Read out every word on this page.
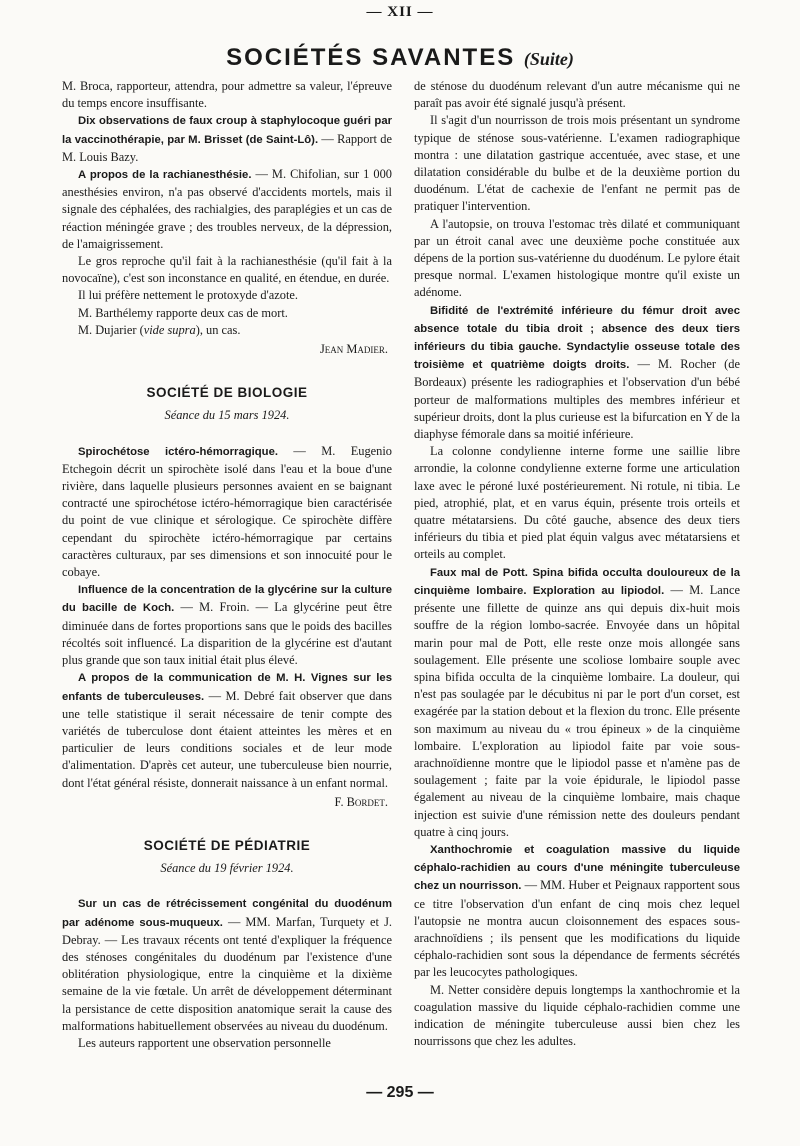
— XII —
SOCIÉTÉS SAVANTES (Suite)

M. Broca, rapporteur, attendra, pour admettre sa valeur, l'épreuve du temps encore insuffisante.

Dix observations de faux croup à staphylocoque guéri par la vaccinothérapie, par M. Brisset (de Saint-Lô). — Rapport de M. Louis Bazy.

A propos de la rachianesthésie. — M. Chifolian, sur 1 000 anesthésies environ, n'a pas observé d'accidents mortels, mais il signale des céphalées, des rachialgies, des paraplégies et un cas de réaction méningée grave ; des troubles nerveux, de la dépression, de l'amaigrissement.

Le gros reproche qu'il fait à la rachianesthésie (qu'il fait à la novocaïne), c'est son inconstance en qualité, en étendue, en durée.

Il lui préfère nettement le protoxyde d'azote.

M. Barthélemy rapporte deux cas de mort.

M. Dujarier (vide supra), un cas.

Jean Madier.

SOCIÉTÉ DE BIOLOGIE

Séance du 15 mars 1924.

Spirochétose ictéro-hémorragique. — M. Eugenio Etchegoin décrit un spirochète isolé dans l'eau et la boue d'une rivière, dans laquelle plusieurs personnes avaient en se baignant contracté une spirochétose ictéro-hémorragique bien caractérisée du point de vue clinique et sérologique. Ce spirochète diffère cependant du spirochète ictéro-hémorragique par certains caractères culturaux, par ses dimensions et son innocuité pour le cobaye.

Influence de la concentration de la glycérine sur la culture du bacille de Koch. — M. Froin. — La glycérine peut être diminuée dans de fortes proportions sans que le poids des bacilles récoltés soit influencé. La disparition de la glycérine est d'autant plus grande que son taux initial était plus élevé.

A propos de la communication de M. H. Vignes sur les enfants de tuberculeuses. — M. Debré fait observer que dans une telle statistique il serait nécessaire de tenir compte des variétés de tuberculose dont étaient atteintes les mères et en particulier de leurs conditions sociales et de leur mode d'alimentation. D'après cet auteur, une tuberculeuse bien nourrie, dont l'état général résiste, donnerait naissance à un enfant normal.

F. Bordet.

SOCIÉTÉ DE PÉDIATRIE

Séance du 19 février 1924.

Sur un cas de rétrécissement congénital du duodénum par adénome sous-muqueux. — MM. Marfan, Turquety et J. Debray. — Les travaux récents ont tenté d'expliquer la fréquence des sténoses congénitales du duodénum par l'existence d'une oblitération physiologique, entre la cinquième et la dixième semaine de la vie fœtale. Un arrêt de développement déterminant la persistance de cette disposition anatomique serait la cause des malformations habituellement observées au niveau du duodénum.

Les auteurs rapportent une observation personnelle

de sténose du duodénum relevant d'un autre mécanisme qui ne paraît pas avoir été signalé jusqu'à présent.

Il s'agit d'un nourrisson de trois mois présentant un syndrome typique de sténose sous-vatérienne. L'examen radiographique montra : une dilatation gastrique accentuée, avec stase, et une dilatation considérable du bulbe et de la deuxième portion du duodénum. L'état de cachexie de l'enfant ne permit pas de pratiquer l'intervention.

A l'autopsie, on trouva l'estomac très dilaté et communiquant par un étroit canal avec une deuxième poche constituée aux dépens de la portion sus-vatérienne du duodénum. Le pylore était presque normal. L'examen histologique montre qu'il existe un adénome.

Bifidité de l'extrémité inférieure du fémur droit avec absence totale du tibia droit ; absence des deux tiers inférieurs du tibia gauche. Syndactylie osseuse totale des troisième et quatrième doigts droits. — M. Rocher (de Bordeaux) présente les radiographies et l'observation d'un bébé porteur de malformations multiples des membres inférieur et supérieur droits, dont la plus curieuse est la bifurcation en Y de la diaphyse fémorale dans sa moitié inférieure.

La colonne condylienne interne forme une saillie libre arrondie, la colonne condylienne externe forme une articulation laxe avec le péroné luxé postérieurement. Ni rotule, ni tibia. Le pied, atrophié, plat, et en varus équin, présente trois orteils et quatre métatarsiens. Du côté gauche, absence des deux tiers inférieurs du tibia et pied plat équin valgus avec métatarsiens et orteils au complet.

Faux mal de Pott. Spina bifida occulta douloureux de la cinquième lombaire. Exploration au lipiodol. — M. Lance présente une fillette de quinze ans qui depuis dix-huit mois souffre de la région lombo-sacrée. Envoyée dans un hôpital marin pour mal de Pott, elle reste onze mois allongée sans soulagement. Elle présente une scoliose lombaire souple avec spina bifida occulta de la cinquième lombaire. La douleur, qui n'est pas soulagée par le décubitus ni par le port d'un corset, est exagérée par la station debout et la flexion du tronc. Elle présente son maximum au niveau du « trou épineux » de la cinquième lombaire. L'exploration au lipiodol faite par voie sous-arachnoïdienne montre que le lipiodol passe et n'amène pas de soulagement ; faite par la voie épidurale, le lipiodol passe également au niveau de la cinquième lombaire, mais chaque injection est suivie d'une rémission nette des douleurs pendant quatre à cinq jours.

Xanthochromie et coagulation massive du liquide céphalo-rachidien au cours d'une méningite tuberculeuse chez un nourrisson. — MM. Huber et Peignaux rapportent sous ce titre l'observation d'un enfant de cinq mois chez lequel l'autopsie ne montra aucun cloisonnement des espaces sous-arachnoïdiens ; ils pensent que les modifications du liquide céphalo-rachidien sont sous la dépendance de ferments sécrétés par les leucocytes pathologiques.

M. Netter considère depuis longtemps la xanthochromie et la coagulation massive du liquide céphalo-rachidien comme une indication de méningite tuberculeuse aussi bien chez les nourrissons que chez les adultes.

— 295 —
